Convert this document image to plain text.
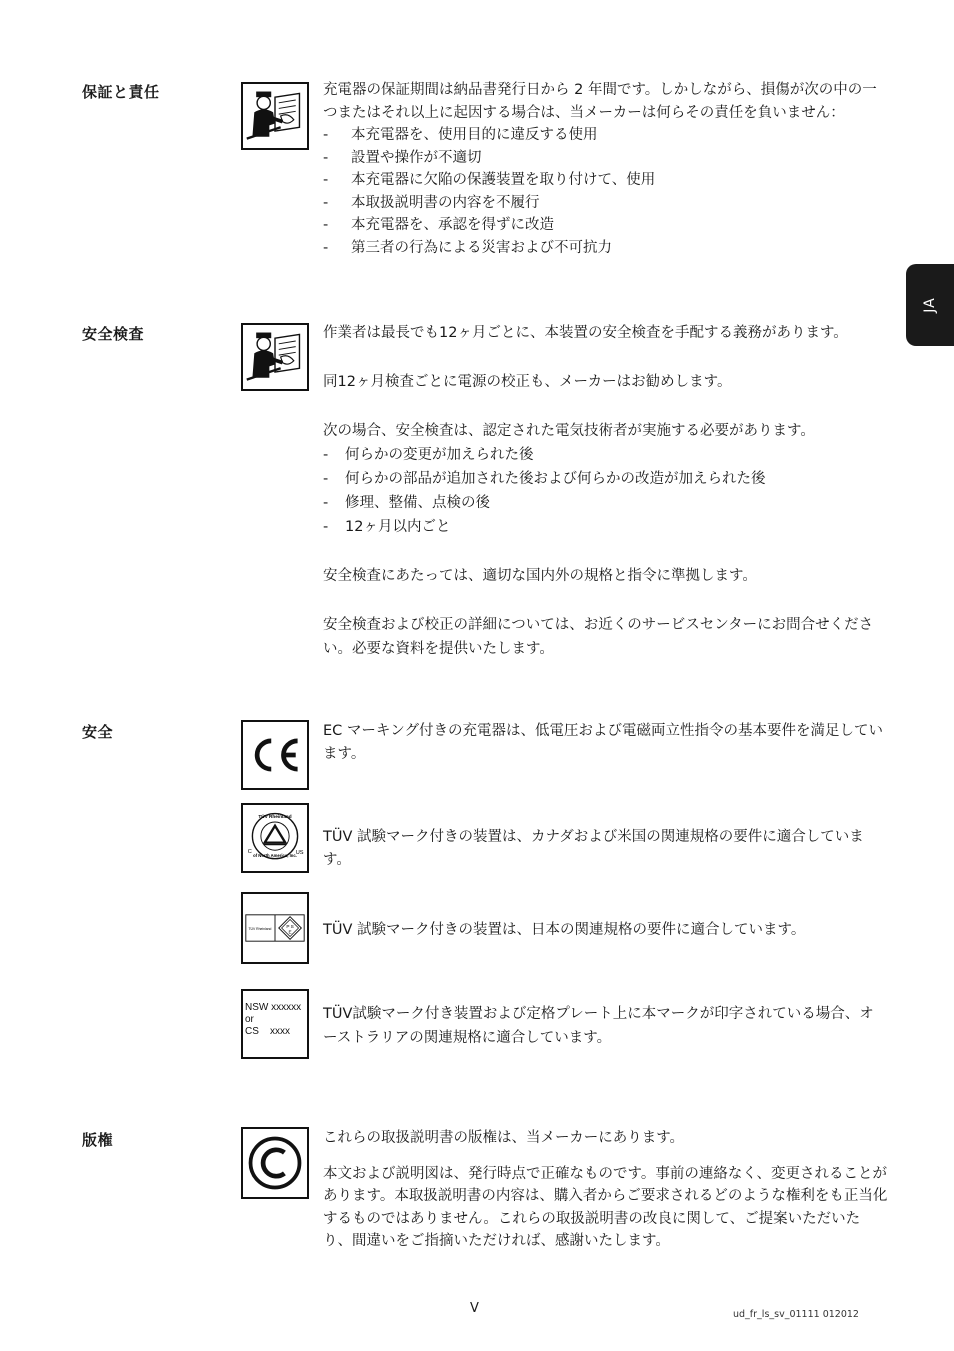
JA
保証と責任	充電器の保証期間は納品書発行日から 2 年間です。しかしながら、損傷が次の中の一つまたはそれ以上に起因する場合は、当メーカーは何らその責任を負いません：

- 本充電器を、使用目的に違反する使用
- 設置や操作が不適切
- 本充電器に欠陥の保護装置を取り付けて、使用
- 本取扱説明書の内容を不履行
- 本充電器を、承認を得ずに改造
- 第三者の行為による災害および不可抗力
安全検査	作業者は最長でも12ヶ月ごとに、本装置の安全検査を手配する義務があります。

同12ヶ月検査ごとに電源の校正も、メーカーはお勧めします。

次の場合、安全検査は、認定された電気技術者が実施する必要があります。

- 何らかの変更が加えられた後
- 何らかの部品が追加された後および何らかの改造が加えられた後
- 修理、整備、点検の後
- 12ヶ月以内ごと

安全検査にあたっては、適切な国内外の規格と指令に準拠します。

安全検査および校正の詳細については、お近くのサービスセンターにお問合せください。必要な資料を提供いたします。

安全	EC マーキング付きの充電器は、低電圧および電磁両立性指令の基本要件を満足しています。
TÜV Rheinland
of North America, Inc.
C	US
TÜV 試験マーク付きの装置は、カナダおよび米国の関連規格の要件に適合しています。
TÜV Rheinland	P S
E TÜV 試験マーク付きの装置は、日本の関連規格の要件に適合しています。
NSW xxxxxx
or
CS    xxxx
TÜV試験マーク付き装置および定格プレート上に本マークが印字されている場合、オーストラリアの関連規格に適合しています。
版権	これらの取扱説明書の版権は、当メーカーにあります。

本文および説明図は、発行時点で正確なものです。事前の連絡なく、変更されることがあります。本取扱説明書の内容は、購入者からご要求されるどのような権利をも正当化するものではありません。これらの取扱説明書の改良に関して、ご提案いただいたり、間違いをご指摘いただければ、感謝いたします。

V	ud_fr_ls_sv_01111 012012
